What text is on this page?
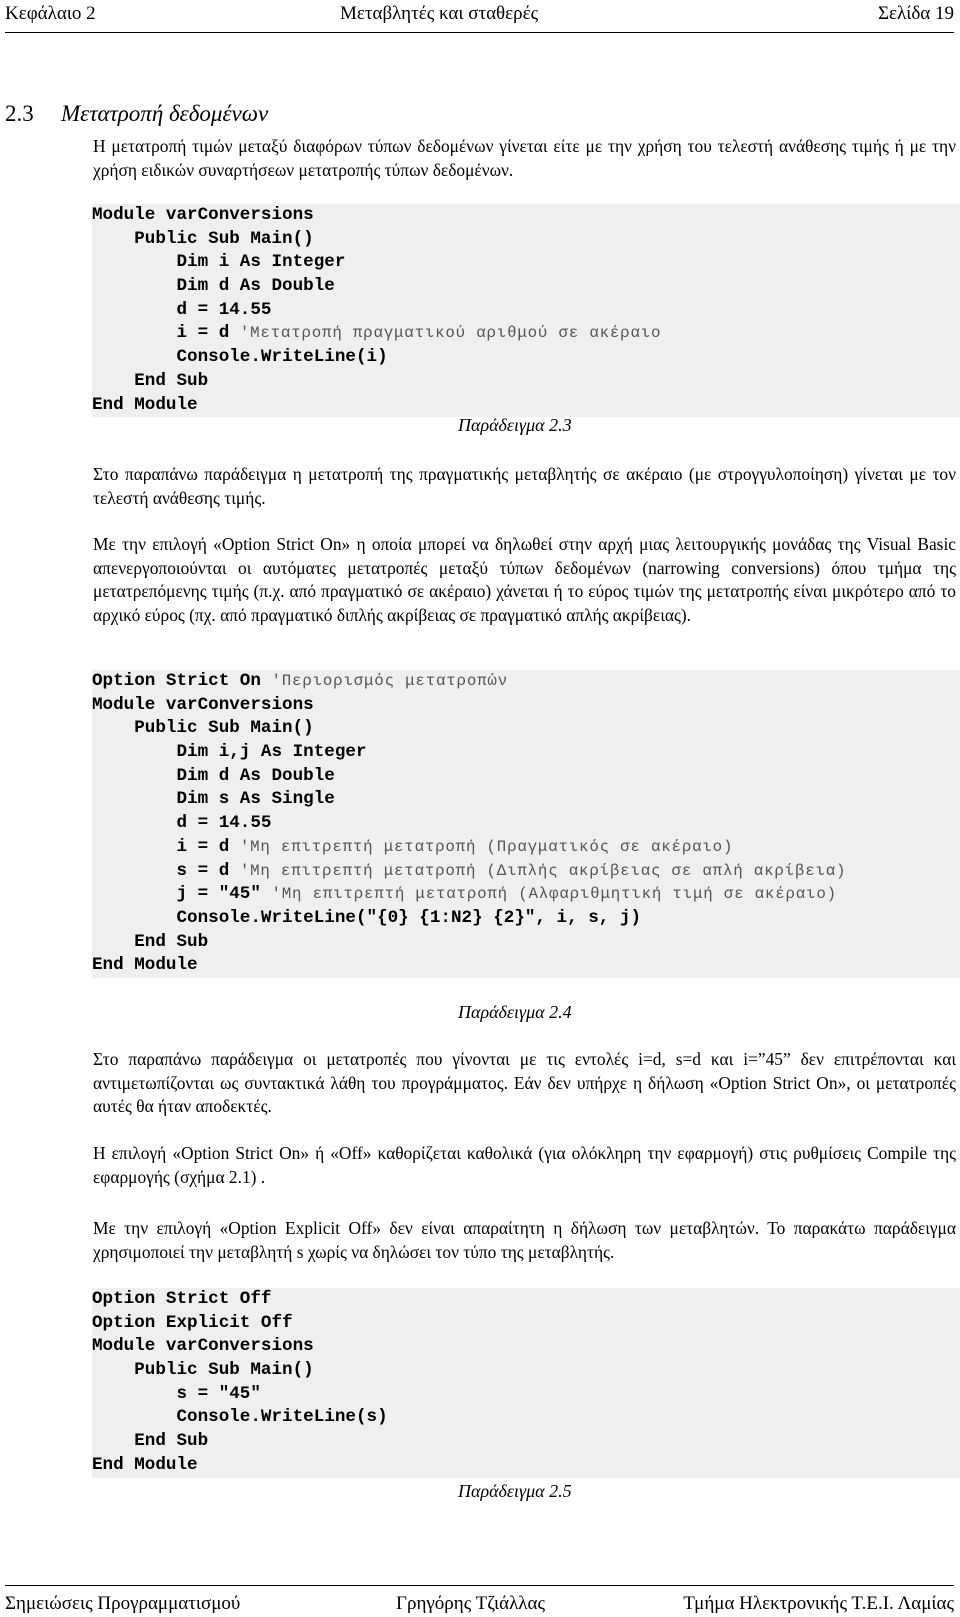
Κεφάλαιο 2	Μεταβλητές και σταθερές	Σελίδα 19
2.3 Μετατροπή δεδομένων

Η μετατροπή τιμών μεταξύ διαφόρων τύπων δεδομένων γίνεται είτε με την χρήση του τελεστή ανάθεσης τιμής ή με την χρήση ειδικών συναρτήσεων μετατροπής τύπων δεδομένων.

Module varConversions
Public Sub Main()
Dim i As Integer
Dim d As Double
d = 14.55
i = d 'Μετατροπή πραγματικού αριθμού σε ακέραιο
Console.WriteLine(i)
End Sub
End Module
Παράδειγμα 2.3

Στο παραπάνω παράδειγμα η μετατροπή της πραγματικής μεταβλητής σε ακέραιο (με στρογγυλοποίηση) γίνεται με τον τελεστή ανάθεσης τιμής.

Με την επιλογή «Option Strict On» η οποία μπορεί να δηλωθεί στην αρχή μιας λειτουργικής μονάδας της Visual Basic απενεργοποιούνται οι αυτόματες μετατροπές μεταξύ τύπων δεδομένων (narrowing conversions) όπου τμήμα της μετατρεπόμενης τιμής (π.χ. από πραγματικό σε ακέραιο) χάνεται ή το εύρος τιμών της μετατροπής είναι μικρότερο από το αρχικό εύρος (πχ. από πραγματικό διπλής ακρίβειας σε πραγματικό απλής ακρίβειας).

Option Strict On 'Περιορισμός μετατροπών
Module varConversions
Public Sub Main()
Dim i,j As Integer
Dim d As Double
Dim s As Single
d = 14.55
i = d 'Μη επιτρεπτή μετατροπή (Πραγματικός σε ακέραιο)
s = d 'Μη επιτρεπτή μετατροπή (Διπλής ακρίβειας σε απλή ακρίβεια)
j = "45" 'Μη επιτρεπτή μετατροπή (Αλφαριθμητική τιμή σε ακέραιο)
Console.WriteLine("{0} {1:N2} {2}", i, s, j)
End Sub
End Module
Παράδειγμα 2.4

Στο παραπάνω παράδειγμα οι μετατροπές που γίνονται με τις εντολές i=d, s=d και i=”45” δεν επιτρέπονται και αντιμετωπίζονται ως συντακτικά λάθη του προγράμματος. Εάν δεν υπήρχε η δήλωση «Option Strict On», οι μετατροπές αυτές θα ήταν αποδεκτές.

Η επιλογή «Option Strict On» ή «Off» καθορίζεται καθολικά (για ολόκληρη την εφαρμογή) στις ρυθμίσεις Compile της εφαρμογής (σχήμα 2.1) .

Με την επιλογή «Option Explicit Off» δεν είναι απαραίτητη η δήλωση των μεταβλητών. Το παρακάτω παράδειγμα χρησιμοποιεί την μεταβλητή s χωρίς να δηλώσει τον τύπο της μεταβλητής.

Option Strict Off
Option Explicit Off
Module varConversions
Public Sub Main()
s = "45"
Console.WriteLine(s)
End Sub
End Module
Παράδειγμα 2.5
Σημειώσεις Προγραμματισμού	Γρηγόρης Τζιάλλας	Τμήμα Ηλεκτρονικής Τ.Ε.Ι. Λαμίας
